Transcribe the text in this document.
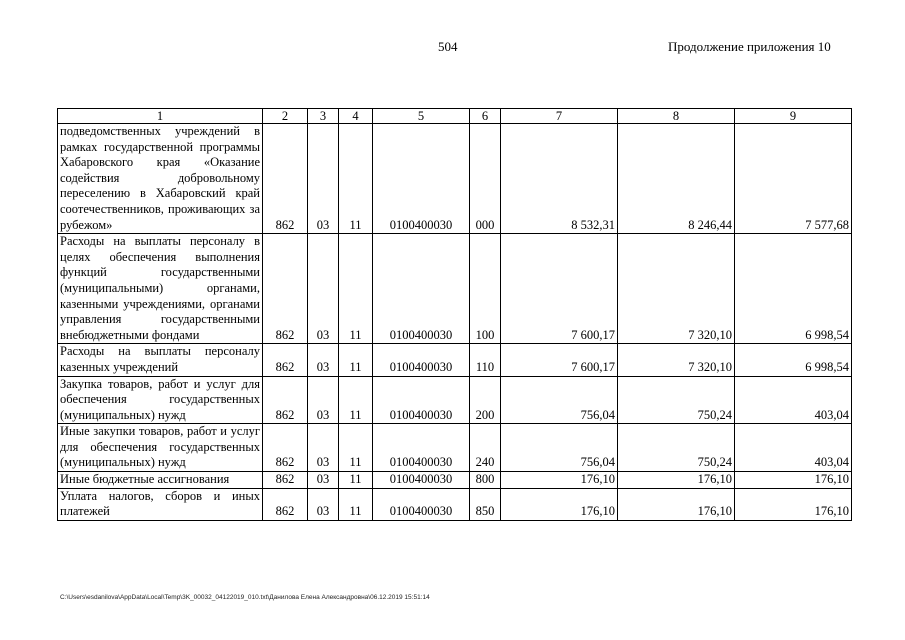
504	Продолжение приложения 10
1	2	3	4	5	6	7	8	9
подведомственных учреждений в рамках государственной программы Хабаровского края «Оказание содействия добровольному переселению в Хабаровский край соотечественников, проживающих за рубежом»	862	03	11	0100400030	000	8 532,31	8 246,44	7 577,68
Расходы на выплаты персоналу в целях обеспечения выполнения функций государственными (муниципальными) органами, казенными учреждениями, органами управления государственными внебюджетными фондами	862	03	11	0100400030	100	7 600,17	7 320,10	6 998,54
Расходы на выплаты персоналу казенных учреждений	862	03	11	0100400030	110	7 600,17	7 320,10	6 998,54
Закупка товаров, работ и услуг для обеспечения государственных (муниципальных) нужд	862	03	11	0100400030	200	756,04	750,24	403,04
Иные закупки товаров, работ и услуг для обеспечения государственных (муниципальных) нужд	862	03	11	0100400030	240	756,04	750,24	403,04
Иные бюджетные ассигнования	862	03	11	0100400030	800	176,10	176,10	176,10
Уплата налогов, сборов и иных платежей	862	03	11	0100400030	850	176,10	176,10	176,10
C:\Users\esdanilova\AppData\Local\Temp\3K_00032_04122019_010.txt\Данилова Елена Александровна\06.12.2019 15:51:14
